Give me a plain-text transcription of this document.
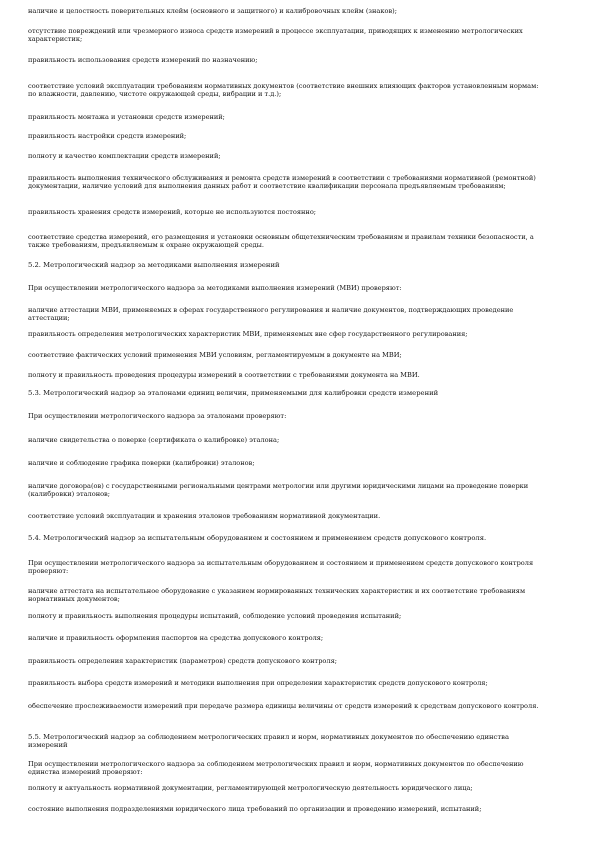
наличие и целостность поверительных клейм (основного и защитного) и калибровочных клейм (знаков);

отсутствие повреждений или чрезмерного износа средств измерений в процессе эксплуатации, приводящих к изменению метрологических характеристик;

правильность использования средств измерений по назначению;

соответствие условий эксплуатации требованиям нормативных документов (соответствие внешних влияющих факторов установленным нормам: по влажности, давлению, чистоте окружающей среды, вибрации и т.д.);

правильность монтажа и установки средств измерений;

правильность настройки средств измерений;

полноту и качество комплектации средств измерений;

правильность выполнения технического обслуживания и ремонта средств измерений в соответствии с требованиями нормативной (ремонтной) документации, наличие условий для выполнения данных работ и соответствие квалификации персонала предъявляемым требованиям;

правильность хранения средств измерений, которые не используются постоянно;

соответствие средства измерений, его размещения и установки основным общетехническим требованиям и правилам техники безопасности, а также требованиям, предъявляемым к охране окружающей среды.

5.2. Метрологический надзор за методиками выполнения измерений

При осуществлении метрологического надзора за методиками выполнения измерений (МВИ) проверяют:

наличие аттестации МВИ, применяемых в сферах государственного регулирования и наличие документов, подтверждающих проведение аттестации;

правильность определения метрологических характеристик МВИ, применяемых вне сфер государственного регулирования;

соответствие фактических условий применения МВИ условиям, регламентируемым в документе на МВИ;

полноту и правильность проведения процедуры измерений в соответствии с требованиями документа на МВИ.

5.3. Метрологический надзор за эталонами единиц величин, применяемыми для калибровки средств измерений

При осуществлении метрологического надзора за эталонами проверяют:

наличие свидетельства о поверке (сертификата о калибровке) эталона;

наличие и соблюдение графика поверки (калибровки) эталонов;

наличие договора(ов) с государственными региональными центрами метрологии или другими юридическими лицами на проведение поверки (калибровки) эталонов;

соответствие условий эксплуатации и хранения эталонов требованиям нормативной документации.

5.4. Метрологический надзор за испытательным оборудованием и состоянием и применением средств допускового контроля.

При осуществлении метрологического надзора за испытательным оборудованием и состоянием и применением средств допускового контроля проверяют:

наличие аттестата на испытательное оборудование с указанием нормированных технических характеристик и их соответствие требованиям нормативных документов;

полноту и правильность выполнения процедуры испытаний, соблюдение условий проведения испытаний;

наличие и правильность оформления паспортов на средства допускового контроля;

правильность определения характеристик (параметров) средств допускового контроля;

правильность выбора средств измерений и методики выполнения при определении характеристик средств допускового контроля;

обеспечение прослеживаемости измерений при передаче размера единицы величины от средств измерений к средствам допускового контроля.

5.5. Метрологический надзор за соблюдением метрологических правил и норм, нормативных документов по обеспечению единства измерений

При осуществлении метрологического надзора за соблюдением метрологических правил и норм, нормативных документов по обеспечению единства измерений проверяют:

полноту и актуальность нормативной документации, регламентирующей метрологическую деятельность юридического лица;

состояние выполнения подразделениями юридического лица требований по организации и проведению измерений, испытаний;
